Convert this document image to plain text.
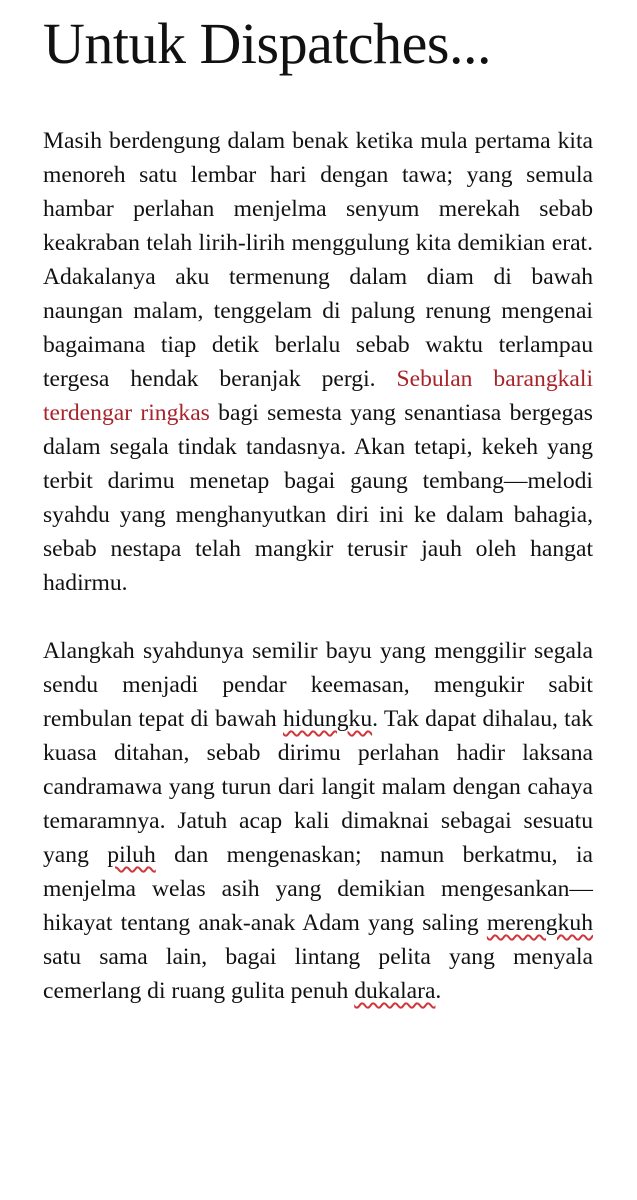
Untuk Dispatches...

Masih berdengung dalam benak ketika mula pertama kita menoreh satu lembar hari dengan tawa; yang semula hambar perlahan menjelma senyum merekah sebab keakraban telah lirih-lirih menggulung kita demikian erat. Adakalanya aku termenung dalam diam di bawah naungan malam, tenggelam di palung renung mengenai bagaimana tiap detik berlalu sebab waktu terlampau tergesa hendak beranjak pergi. Sebulan barangkali terdengar ringkas bagi semesta yang senantiasa bergegas dalam segala tindak tandasnya. Akan tetapi, kekeh yang terbit darimu menetap bagai gaung tembang—melodi syahdu yang menghanyutkan diri ini ke dalam bahagia, sebab nestapa telah mangkir terusir jauh oleh hangat hadirmu.

Alangkah syahdunya semilir bayu yang menggilir segala sendu menjadi pendar keemasan, mengukir sabit rembulan tepat di bawah hidungku. Tak dapat dihalau, tak kuasa ditahan, sebab dirimu perlahan hadir laksana candramawa yang turun dari langit malam dengan cahaya temaramnya. Jatuh acap kali dimaknai sebagai sesuatu yang piluh dan mengenaskan; namun berkatmu, ia menjelma welas asih yang demikian mengesankan—hikayat tentang anak-anak Adam yang saling merengkuh satu sama lain, bagai lintang pelita yang menyala cemerlang di ruang gulita penuh dukalara.
